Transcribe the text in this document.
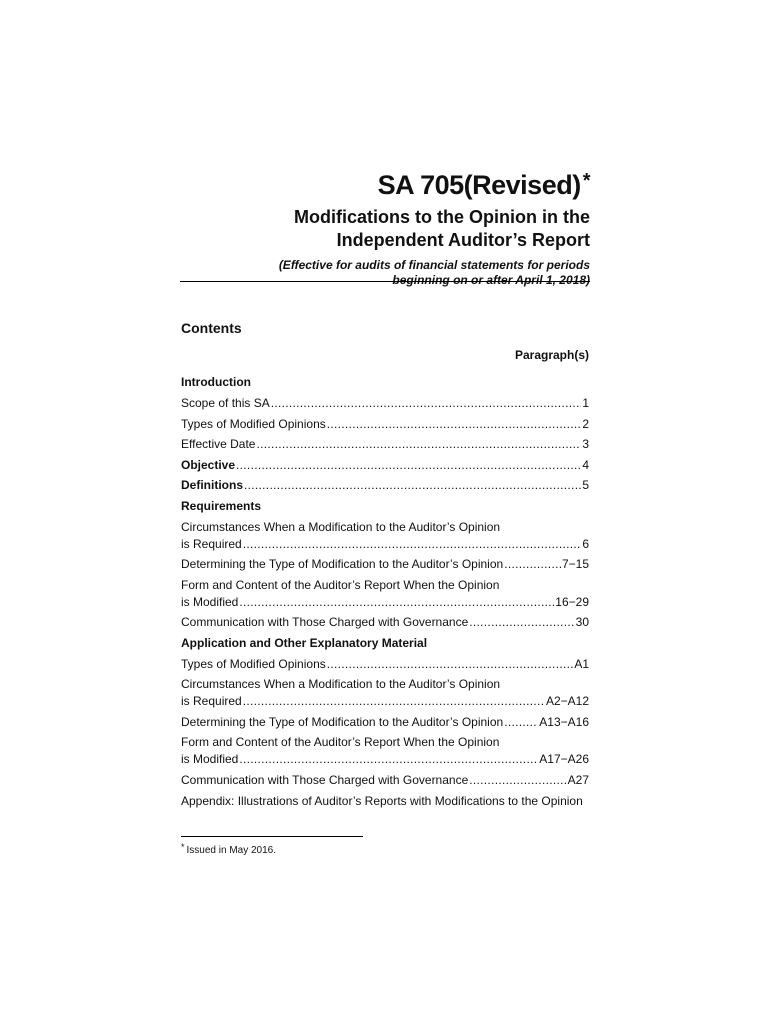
SA 705(Revised) *
Modifications to the Opinion in the
Independent Auditor’s Report
(Effective for audits of financial statements for periods
beginning on or after April 1, 2018)
Contents
Paragraph(s)
Introduction
Scope of this SA .....	1
Types of Modified Opinions .....	2
Effective Date .....	3
Objective .....	4
Definitions .....	5
Requirements
Circumstances When a Modification to the Auditor’s Opinion
is Required .....	6
Determining the Type of Modification to the Auditor’s Opinion .....	7−15
Form and Content of the Auditor’s Report When the Opinion
is Modified .....	16−29
Communication with Those Charged with Governance .....	30
Application and Other Explanatory Material
Types of Modified Opinions .....	A1
Circumstances When a Modification to the Auditor’s Opinion
is Required .....	A2−A12
Determining the Type of Modification to the Auditor’s Opinion .....	A13−A16
Form and Content of the Auditor’s Report When the Opinion
is Modified .....	A17−A26
Communication with Those Charged with Governance .....	A27
Appendix: Illustrations of Auditor’s Reports with Modifications to the Opinion
* Issued in May 2016.
